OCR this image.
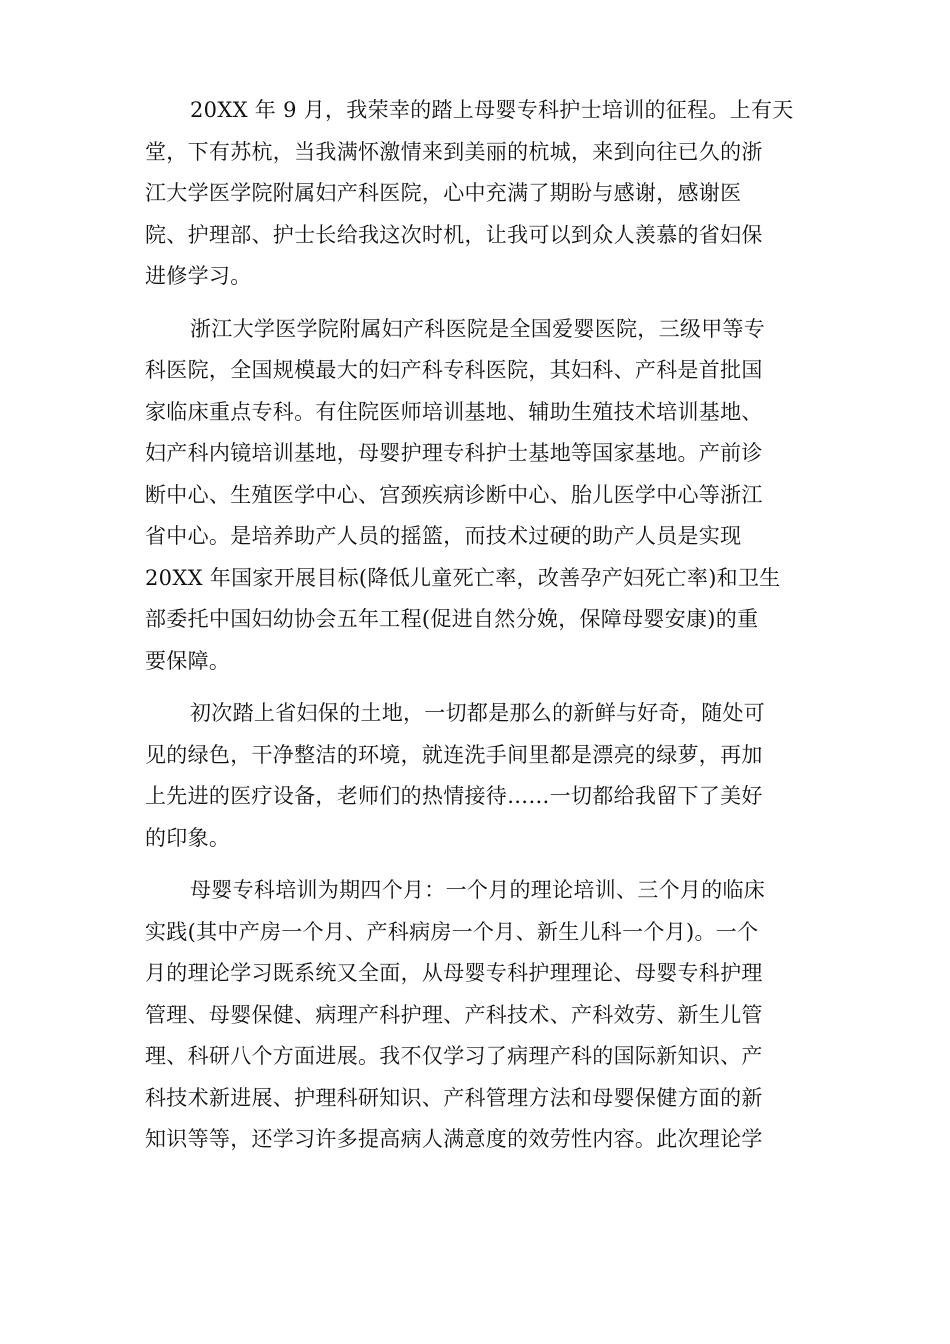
20XX 年 9 月，我荣幸的踏上母婴专科护士培训的征程。上有天
堂，下有苏杭，当我满怀激情来到美丽的杭城，来到向往已久的浙
江大学医学院附属妇产科医院，心中充满了期盼与感谢，感谢医
院、护理部、护士长给我这次时机，让我可以到众人羡慕的省妇保
进修学习。
浙江大学医学院附属妇产科医院是全国爱婴医院，三级甲等专
科医院，全国规模最大的妇产科专科医院，其妇科、产科是首批国
家临床重点专科。有住院医师培训基地、辅助生殖技术培训基地、
妇产科内镜培训基地，母婴护理专科护士基地等国家基地。产前诊
断中心、生殖医学中心、宫颈疾病诊断中心、胎儿医学中心等浙江
省中心。是培养助产人员的摇篮，而技术过硬的助产人员是实现
20XX 年国家开展目标(降低儿童死亡率，改善孕产妇死亡率)和卫生
部委托中国妇幼协会五年工程(促进自然分娩，保障母婴安康)的重
要保障。
初次踏上省妇保的土地，一切都是那么的新鲜与好奇，随处可
见的绿色，干净整洁的环境，就连洗手间里都是漂亮的绿萝，再加
上先进的医疗设备，老师们的热情接待……一切都给我留下了美好
的印象。
母婴专科培训为期四个月：一个月的理论培训、三个月的临床
实践(其中产房一个月、产科病房一个月、新生儿科一个月)。一个
月的理论学习既系统又全面，从母婴专科护理理论、母婴专科护理
管理、母婴保健、病理产科护理、产科技术、产科效劳、新生儿管
理、科研八个方面进展。我不仅学习了病理产科的国际新知识、产
科技术新进展、护理科研知识、产科管理方法和母婴保健方面的新
知识等等，还学习许多提高病人满意度的效劳性内容。此次理论学
